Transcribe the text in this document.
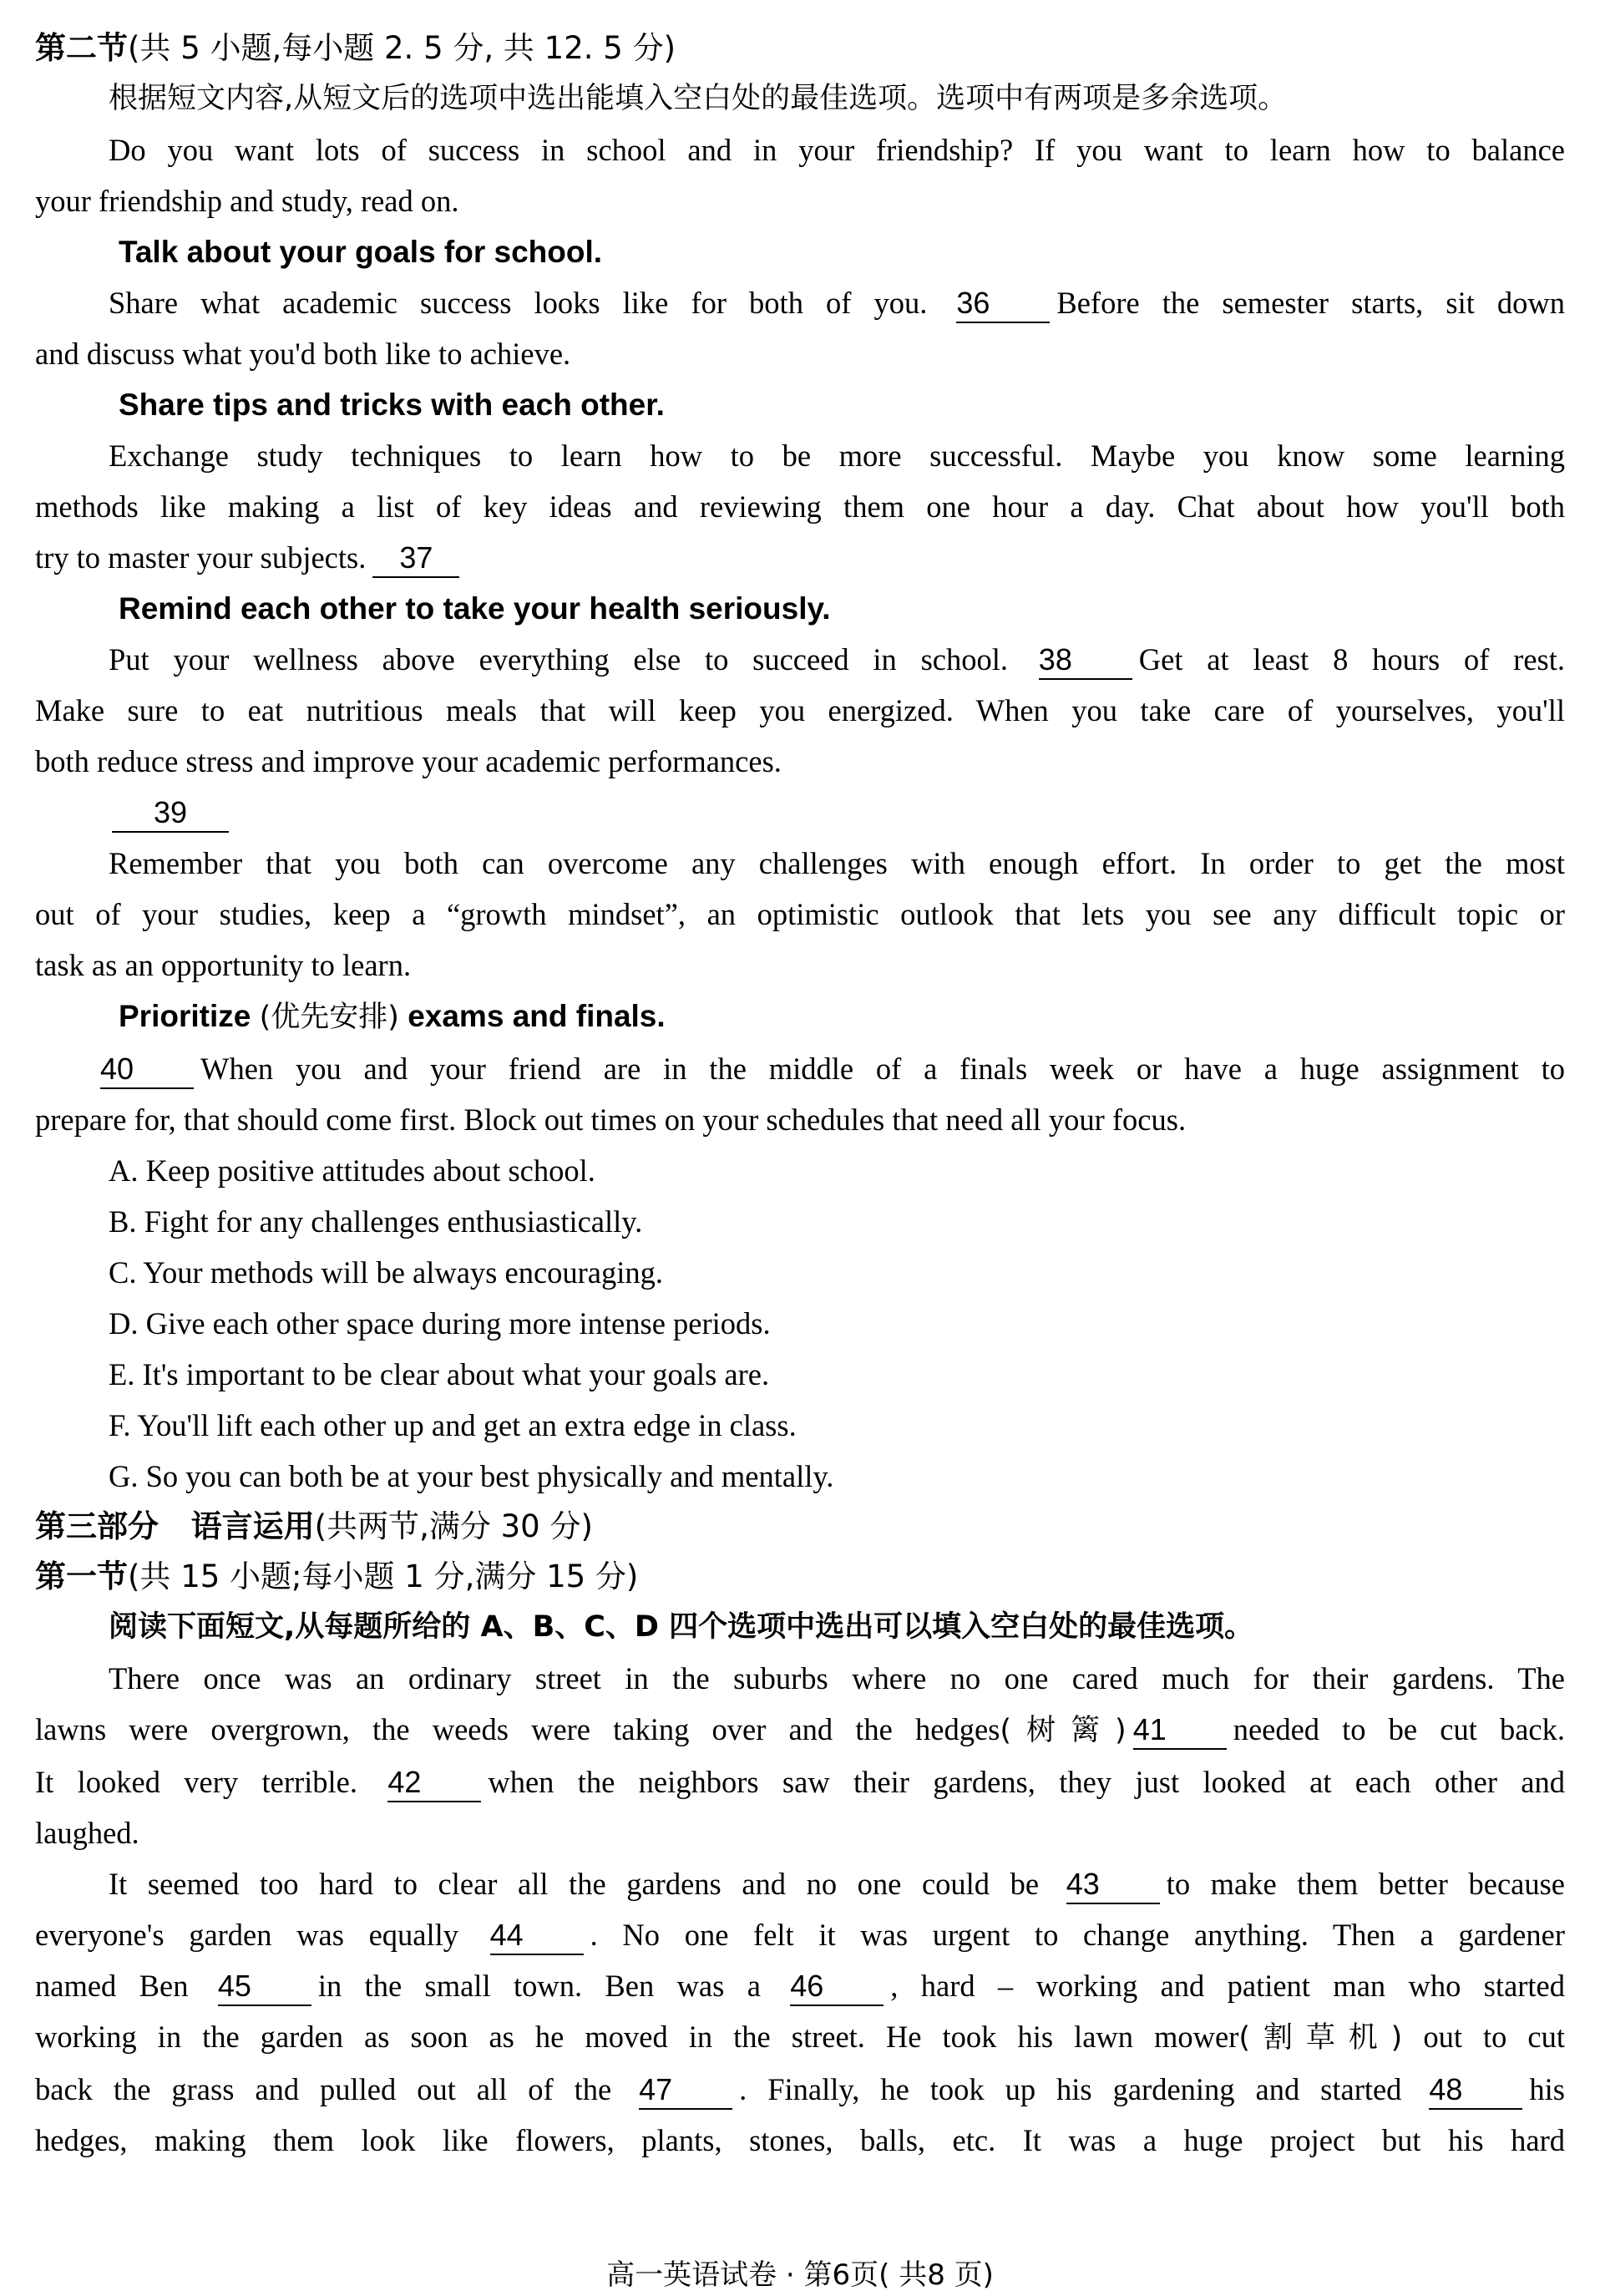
第二节(共 5 小题,每小题 2. 5 分, 共 12. 5 分)
根据短文内容,从短文后的选项中选出能填入空白处的最佳选项。选项中有两项是多余选项。
Do you want lots of success in school and in your friendship? If you want to learn how to balance
your friendship and study, read on.
Talk about your goals for school.
Share what academic success looks like for both of you. 36 Before the semester starts, sit down
and discuss what you'd both like to achieve.
Share tips and tricks with each other.
Exchange study techniques to learn how to be more successful. Maybe you know some learning
methods like making a list of key ideas and reviewing them one hour a day. Chat about how you'll both
try to master your subjects. 37
Remind each other to take your health seriously.
Put your wellness above everything else to succeed in school. 38 Get at least 8 hours of rest.
Make sure to eat nutritious meals that will keep you energized. When you take care of yourselves, you'll
both reduce stress and improve your academic performances.
39
Remember that you both can overcome any challenges with enough effort. In order to get the most
out of your studies, keep a “growth mindset”, an optimistic outlook that lets you see any difficult topic or
task as an opportunity to learn.
Prioritize (优先安排) exams and finals.
40 When you and your friend are in the middle of a finals week or have a huge assignment to
prepare for, that should come first. Block out times on your schedules that need all your focus.
A. Keep positive attitudes about school.
B. Fight for any challenges enthusiastically.
C. Your methods will be always encouraging.
D. Give each other space during more intense periods.
E. It's important to be clear about what your goals are.
F. You'll lift each other up and get an extra edge in class.
G. So you can both be at your best physically and mentally.
第三部分   语言运用(共两节,满分 30 分)
第一节(共 15 小题;每小题 1 分,满分 15 分)
阅读下面短文,从每题所给的 A、B、C、D 四个选项中选出可以填入空白处的最佳选项。
There once was an ordinary street in the suburbs where no one cared much for their gardens. The
lawns were overgrown, the weeds were taking over and the hedges(树篱) 41 needed to be cut back.
It looked very terrible. 42 when the neighbors saw their gardens, they just looked at each other and
laughed.
It seemed too hard to clear all the gardens and no one could be 43 to make them better because
everyone's garden was equally 44 . No one felt it was urgent to change anything. Then a gardener
named Ben 45 in the small town. Ben was a 46 , hard – working and patient man who started
working in the garden as soon as he moved in the street. He took his lawn mower(割草机) out to cut
back the grass and pulled out all of the 47 . Finally, he took up his gardening and started 48 his
hedges, making them look like flowers, plants, stones, balls, etc. It was a huge project but his hard
高一英语试卷 · 第6页( 共8 页)
